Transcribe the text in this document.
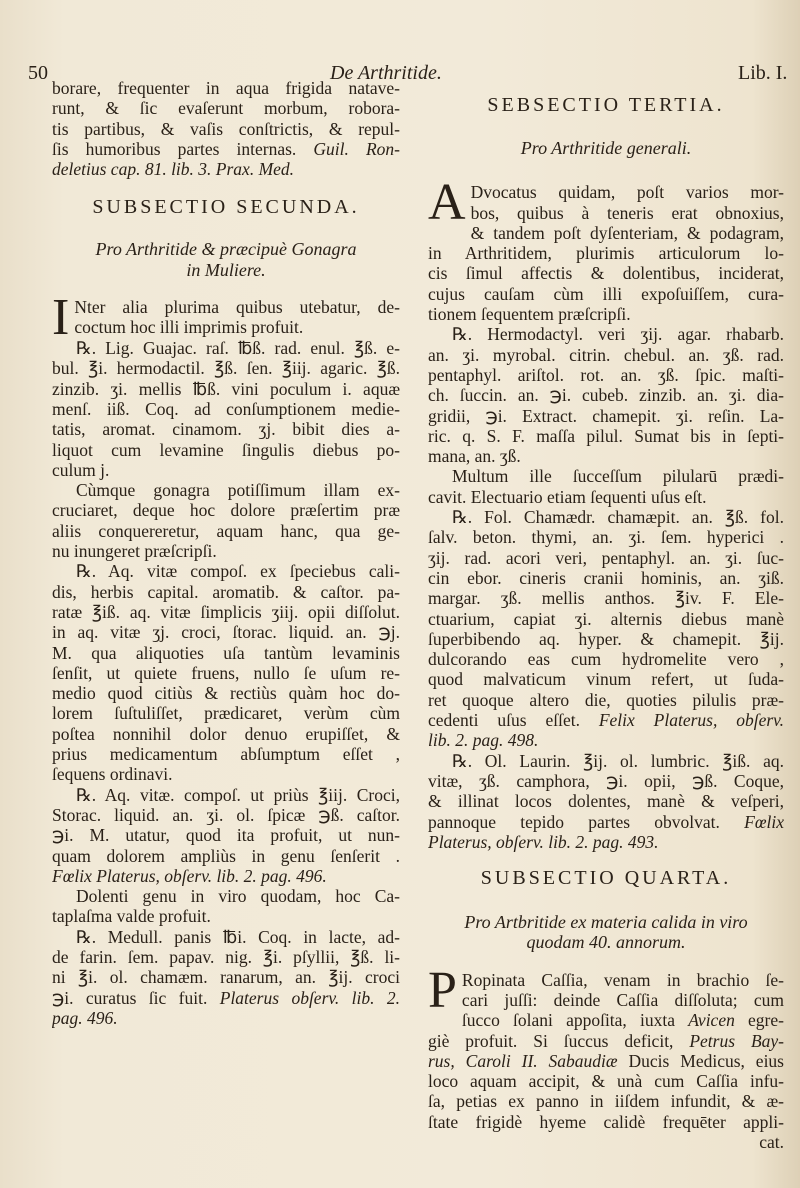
50	De Arthritide.	Lib. I.
borare, frequenter in aqua frigida natave-
runt, & ſic evaſerunt morbum, robora-
tis partibus, & vaſis conſtrictis, & repul-
ſis humoribus partes internas. Guil. Ron-
deletius cap. 81. lib. 3. Prax. Med.
SUBSECTIO SECUNDA.
Pro Arthritide & præcipuè Gonagra
in Muliere.
I Nter alia plurima quibus utebatur, de-
coctum hoc illi imprimis profuit.
℞. Lig. Guajac. raſ. ℔ß. rad. enul. ℥ß. e-
bul. ℥i. hermodactil. ℥ß. ſen. ℥iij. agaric. ℥ß.
zinzib. ʒi. mellis ℔ß. vini poculum i. aquæ
menſ. iiß. Coq. ad conſumptionem medie-
tatis, aromat. cinamom. ʒj. bibit dies a-
liquot cum levamine ſingulis diebus po-
culum j.
Cùmque gonagra potiſſimum illam ex-
cruciaret, deque hoc dolore præſertim præ
aliis conquereretur, aquam hanc, qua ge-
nu inungeret præſcripſi.
℞. Aq. vitæ compoſ. ex ſpeciebus cali-
dis, herbis capital. aromatib. & caſtor. pa-
ratæ ℥iß. aq. vitæ ſimplicis ʒiij. opii diſſolut.
in aq. vitæ ʒj. croci, ſtorac. liquid. an. ℈j.
M. qua aliquoties uſa tantùm levaminis
ſenſit, ut quiete fruens, nullo ſe uſum re-
medio quod citiùs & rectiùs quàm hoc do-
lorem ſuſtuliſſet, prædicaret, verùm cùm
poſtea nonnihil dolor denuo erupiſſet, &
prius medicamentum abſumptum eſſet ,
ſequens ordinavi.
℞. Aq. vitæ. compoſ. ut priùs ℥iij. Croci,
Storac. liquid. an. ʒi. ol. ſpicæ ℈ß. caſtor.
℈i. M. utatur, quod ita profuit, ut nun-
quam dolorem ampliùs in genu ſenſerit .
Fœlix Platerus, obſerv. lib. 2. pag. 496.
Dolenti genu in viro quodam, hoc Ca-
taplaſma valde profuit.
℞. Medull. panis ℔i. Coq. in lacte, ad-
de farin. ſem. papav. nig. ℥i. pſyllii, ℥ß. li-
ni ℥i. ol. chamæm. ranarum, an. ℥ij. croci
℈i. curatus ſic fuit. Platerus obſerv. lib. 2.
pag. 496.
SEBSECTIO TERTIA.
Pro Arthritide generali.
A Dvocatus quidam, poſt varios mor-
bos, quibus à teneris erat obnoxius,
& tandem poſt dyſenteriam, & podagram,
in Arthritidem, plurimis articulorum lo-
cis ſimul affectis & dolentibus, inciderat,
cujus cauſam cùm illi expoſuiſſem, cura-
tionem ſequentem præſcripſi.
℞. Hermodactyl. veri ʒij. agar. rhabarb.
an. ʒi. myrobal. citrin. chebul. an. ʒß. rad.
pentaphyl. ariſtol. rot. an. ʒß. ſpic. maſti-
ch. ſuccin. an. ℈i. cubeb. zinzib. an. ʒi. dia-
gridii, ℈i. Extract. chamepit. ʒi. reſin. La-
ric. q. S. F. maſſa pilul. Sumat bis in ſepti-
mana, an. ʒß.
Multum ille ſucceſſum pilularū prædi-
cavit. Electuario etiam ſequenti uſus eſt.
℞. Fol. Chamædr. chamæpit. an. ℥ß. fol.
ſalv. beton. thymi, an. ʒi. ſem. hyperici .
ʒij. rad. acori veri, pentaphyl. an. ʒi. ſuc-
cin ebor. cineris cranii hominis, an. ʒiß.
margar. ʒß. mellis anthos. ℥iv. F. Ele-
ctuarium, capiat ʒi. alternis diebus manè
ſuperbibendo aq. hyper. & chamepit. ℥ij.
dulcorando eas cum hydromelite vero ,
quod malvaticum vinum refert, ut ſuda-
ret quoque altero die, quoties pilulis præ-
cedenti uſus eſſet. Felix Platerus, obſerv.
lib. 2. pag. 498.
℞. Ol. Laurin. ℥ij. ol. lumbric. ℥iß. aq.
vitæ, ʒß. camphora, ℈i. opii, ℈ß. Coque,
& illinat locos dolentes, manè & veſperi,
pannoque tepido partes obvolvat. Fœlix
Platerus, obſerv. lib. 2. pag. 493.
SUBSECTIO QUARTA.
Pro Artbritide ex materia calida in viro
quodam 40. annorum.
P Ropinata Caſſia, venam in brachio ſe-
cari juſſi: deinde Caſſia diſſoluta; cum
ſucco ſolani appoſita, iuxta Avicen egre-
giè profuit. Si ſuccus deficit, Petrus Bay-
rus, Caroli II. Sabaudiæ Ducis Medicus, eius
loco aquam accipit, & unà cum Caſſia infu-
ſa, petias ex panno in iiſdem infundit, & æ-
ſtate frigidè hyeme calidè frequēter appli-
cat.
